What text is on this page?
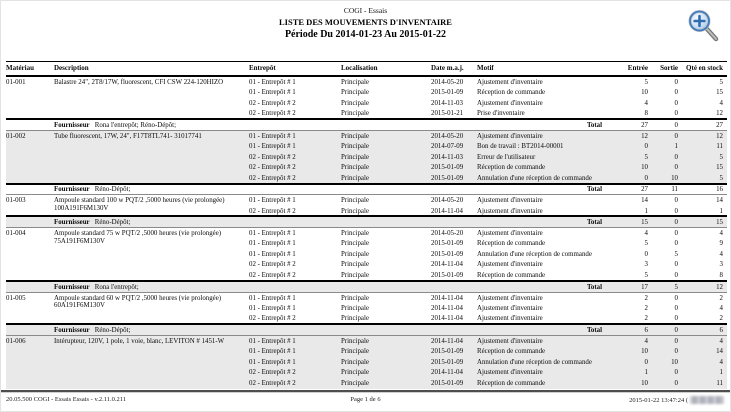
COGI - Essais
LISTE DES MOUVEMENTS D'INVENTAIRE
Période Du 2014-01-23 Au 2015-01-22
Matériau	Description	Entrepôt	Localisation	Date m.a.j.	Motif	Entrée	Sortie	Qté en stock
01-001	Balastre 24", 2T8/17W, fluorescent, CFI CSW 224-120HIZO	01 - Entrepôt # 1	Principale	2014-05-20	Ajustement d'inventaire	5	0	5
		01 - Entrepôt # 1	Principale	2015-01-09	Réception de commande	10	0	15
		02 - Entrepôt # 2	Principale	2014-11-03	Ajustement d'inventaire	4	0	4
		02 - Entrepôt # 2	Principale	2015-01-21	Prise d'inventaire	8	0	12
	Fournisseur   Rona l'entrepôt; Réno-Dépôt;			Total		27	0	27
01-002	Tube fluorescent, 17W, 24", F17T8TL741- 31017741	01 - Entrepôt # 1	Principale	2014-05-20	Ajustement d'inventaire	12	0	12
		01 - Entrepôt # 1	Principale	2014-07-09	Bon de travail : BT2014-00001	0	1	11
		02 - Entrepôt # 2	Principale	2014-11-03	Erreur de l'utilisateur	5	0	5
		02 - Entrepôt # 2	Principale	2015-01-09	Réception de commande	10	0	15
		02 - Entrepôt # 2	Principale	2015-01-09	Annulation d'une réception de commande	0	10	5
	Fournisseur   Réno-Dépôt;			Total		27	11	16
01-003	Ampoule standard 100 w PQT/2 ,5000 heures (vie prolongée) 100A191F6M130V	01 - Entrepôt # 1	Principale	2014-05-20	Ajustement d'inventaire	14	0	14
		02 - Entrepôt # 2	Principale	2014-11-04	Ajustement d'inventaire	1	0	1
	Fournisseur   Réno-Dépôt;			Total		15	0	15
01-004	Ampoule standard 75 w PQT/2 ,5000 heures (vie prolongée) 75A191F6M130V	01 - Entrepôt # 1	Principale	2014-05-20	Ajustement d'inventaire	4	0	4
		01 - Entrepôt # 1	Principale	2015-01-09	Réception de commande	5	0	9
		01 - Entrepôt # 1	Principale	2015-01-09	Annulation d'une réception de commande	0	5	4
		02 - Entrepôt # 2	Principale	2014-11-04	Ajustement d'inventaire	3	0	3
		02 - Entrepôt # 2	Principale	2015-01-09	Réception de commande	5	0	8
	Fournisseur   Rona l'entrepôt;			Total		17	5	12
01-005	Ampoule standard 60 w PQT/2 ,5000 heures (vie prolongée) 60A191F6M130V	01 - Entrepôt # 1	Principale	2014-11-04	Ajustement d'inventaire	2	0	2
		01 - Entrepôt # 1	Principale	2014-11-04	Ajustement d'inventaire	2	0	4
		02 - Entrepôt # 2	Principale	2014-11-04	Ajustement d'inventaire	2	0	2
	Fournisseur   Réno-Dépôt;			Total		6	0	6
01-006	Intérupteur, 120V, 1 pole, 1 voie, blanc, LEVITON # 1451-W	01 - Entrepôt # 1	Principale	2014-11-04	Ajustement d'inventaire	4	0	4
		01 - Entrepôt # 1	Principale	2015-01-09	Réception de commande	10	0	14
		01 - Entrepôt # 1	Principale	2015-01-09	Annulation d'une réception de commande	0	10	4
		02 - Entrepôt # 2	Principale	2014-11-04	Ajustement d'inventaire	1	0	1
		02 - Entrepôt # 2	Principale	2015-01-09	Réception de commande	10	0	11
Page 1 de 6
20.05.500 COGI - Essais Essais - v.2.11.0.211	2015-01-22 13:47:24 (
